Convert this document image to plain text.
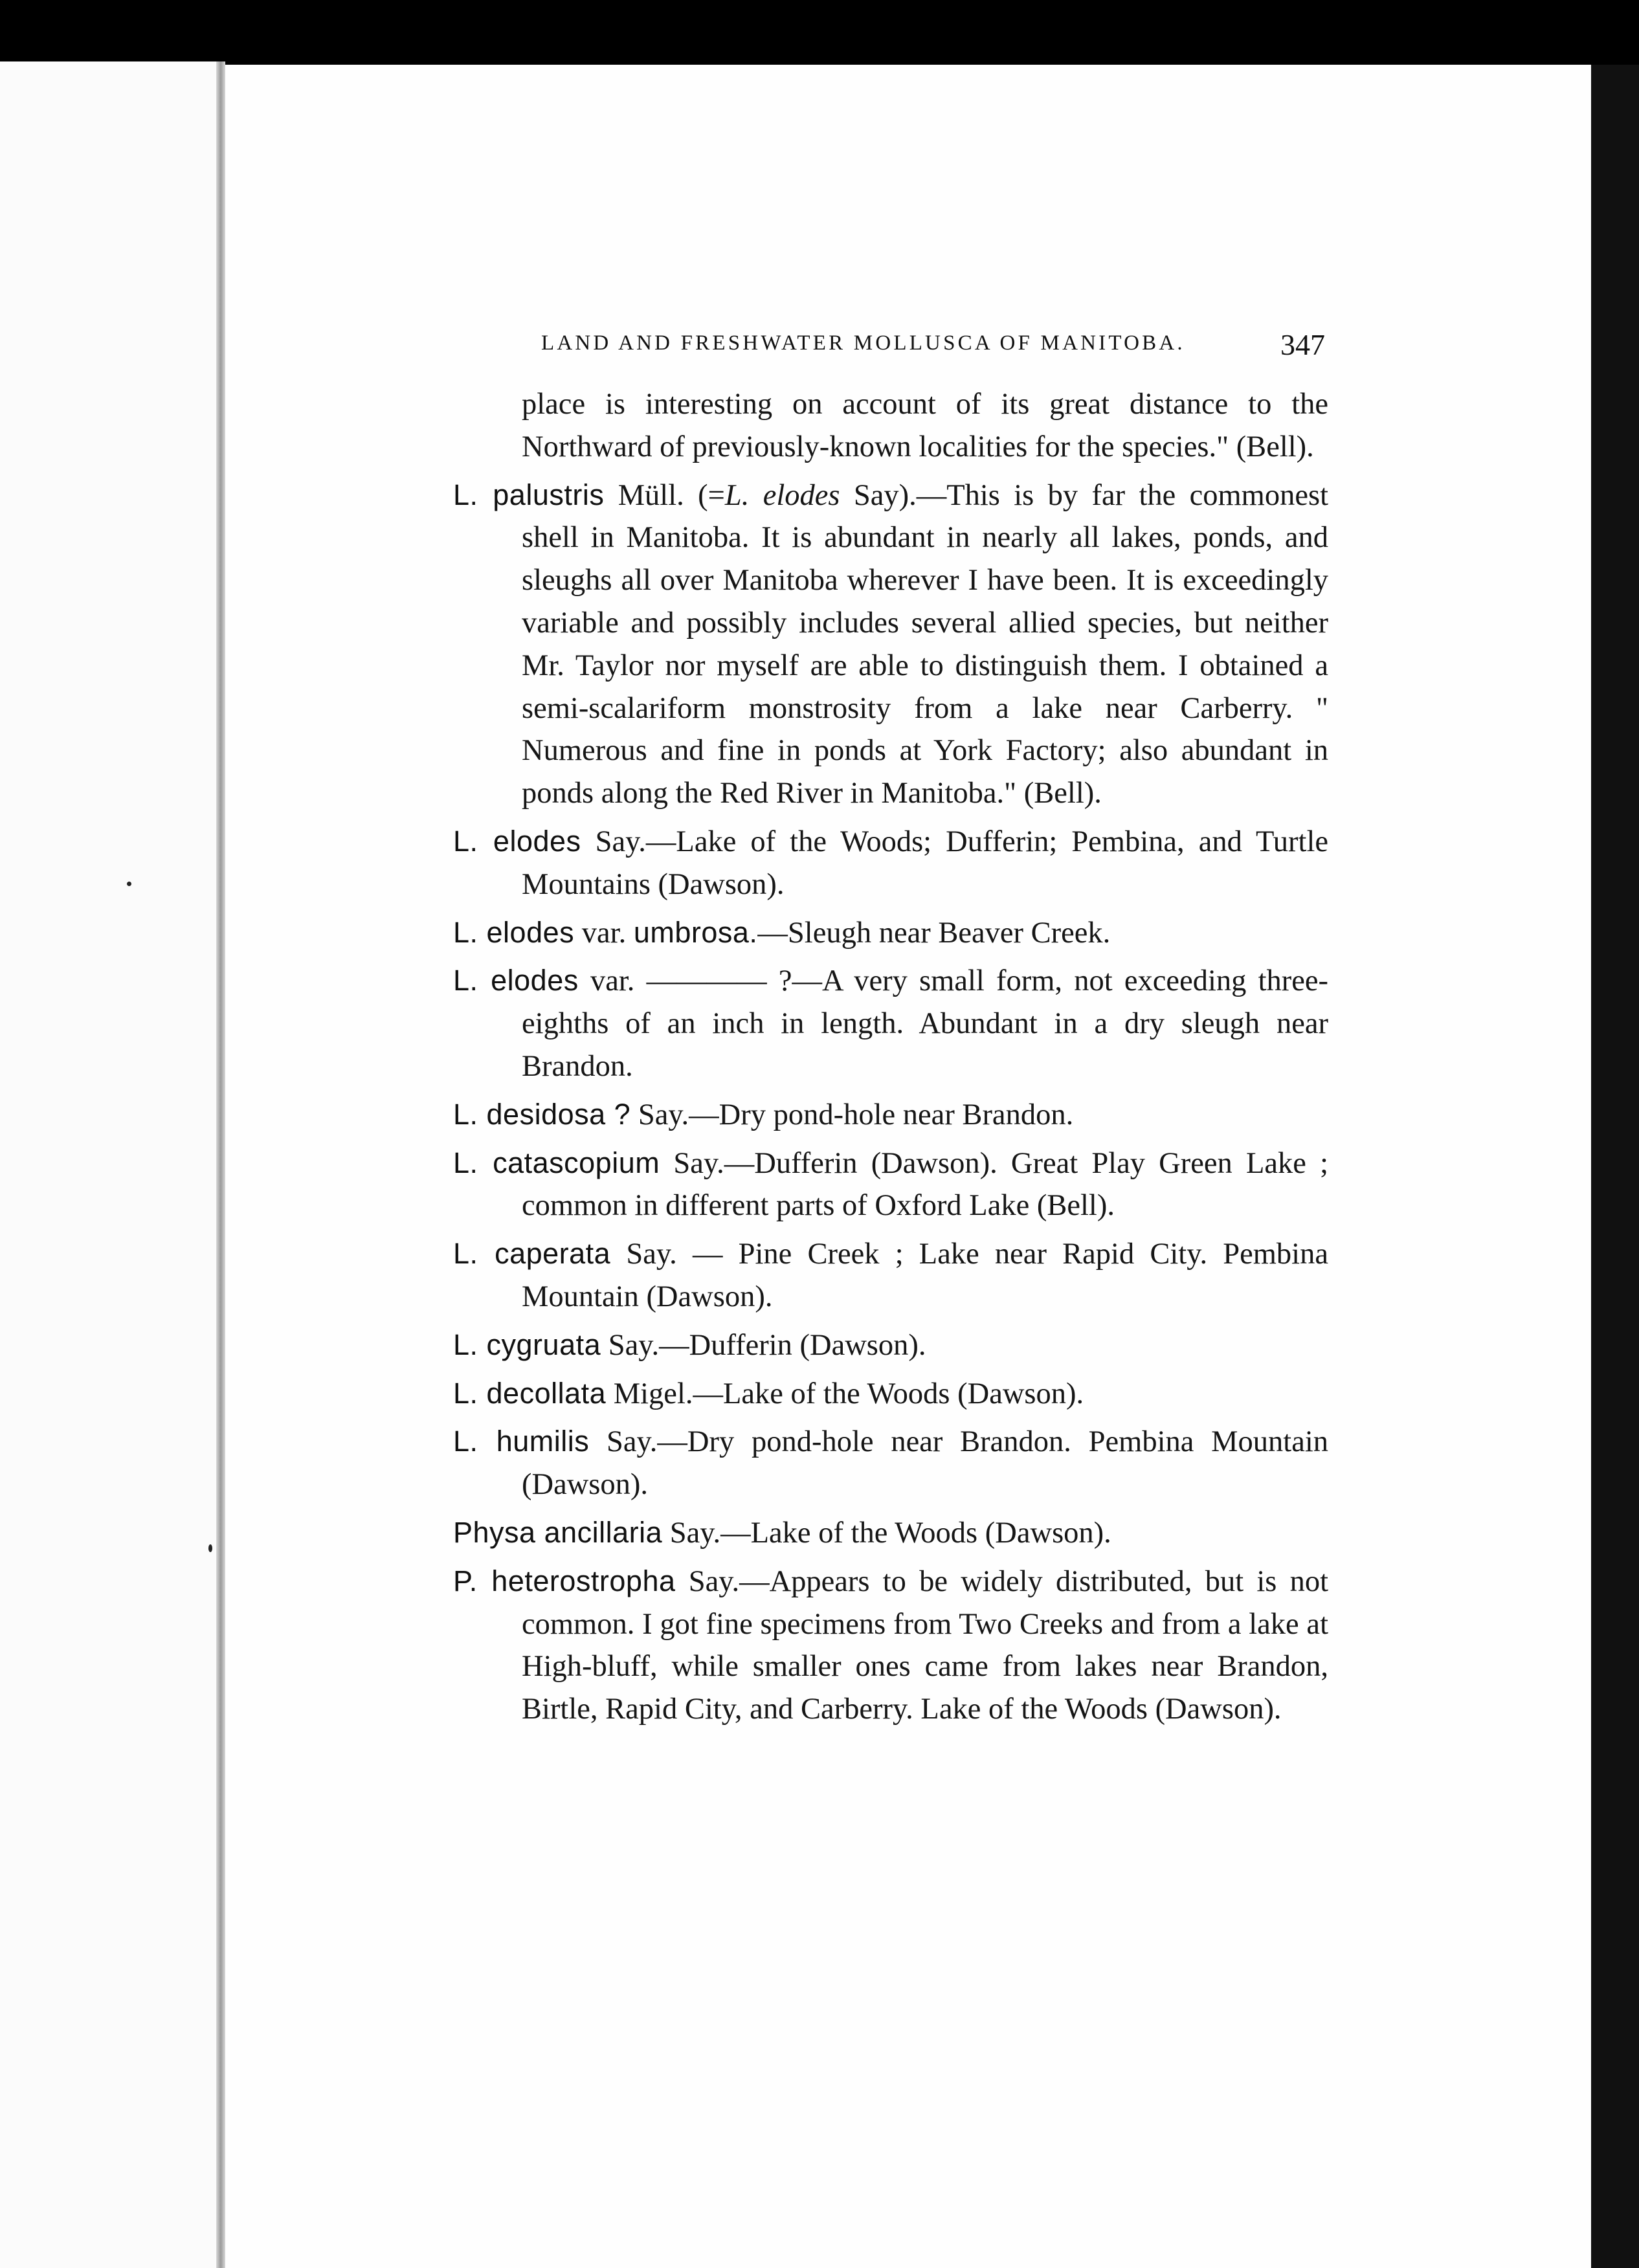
LAND AND FRESHWATER MOLLUSCA OF MANITOBA.	347

place is interesting on account of its great distance to the Northward of previously-known localities for the species." (Bell).

L. palustris Müll. (=L. elodes Say).—This is by far the commonest shell in Manitoba. It is abundant in nearly all lakes, ponds, and sleughs all over Manitoba wherever I have been. It is exceedingly variable and possibly includes several allied species, but neither Mr. Taylor nor myself are able to distinguish them. I obtained a semi-scalariform monstrosity from a lake near Carberry. " Numerous and fine in ponds at York Factory; also abundant in ponds along the Red River in Manitoba." (Bell).

L. elodes Say.—Lake of the Woods; Dufferin; Pembina, and Turtle Mountains (Dawson).

L. elodes var. umbrosa.—Sleugh near Beaver Creek.

L. elodes var. ———— ?—A very small form, not exceeding three-eighths of an inch in length. Abundant in a dry sleugh near Brandon.

L. desidosa ? Say.—Dry pond-hole near Brandon.

L. catascopium Say.—Dufferin (Dawson). Great Play Green Lake ; common in different parts of Oxford Lake (Bell).

L. caperata Say. — Pine Creek ; Lake near Rapid City. Pembina Mountain (Dawson).

L. cygruata Say.—Dufferin (Dawson).

L. decollata Migel.—Lake of the Woods (Dawson).

L. humilis Say.—Dry pond-hole near Brandon. Pembina Mountain (Dawson).

Physa ancillaria Say.—Lake of the Woods (Dawson).

P. heterostropha Say.—Appears to be widely distributed, but is not common. I got fine specimens from Two Creeks and from a lake at High-bluff, while smaller ones came from lakes near Brandon, Birtle, Rapid City, and Carberry. Lake of the Woods (Dawson).
